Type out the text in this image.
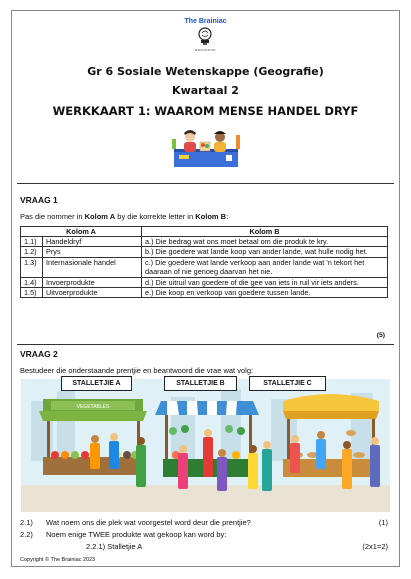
The Brainiac
EDUCATION
Gr 6 Sosiale Wetenskappe (Geografie)
Kwartaal 2
WERKKAART 1: WAAROM MENSE HANDEL DRYF
VRAAG 1
Pas die nommer in Kolom A by die korrekte letter in Kolom B:
Kolom A		Kolom B
1.1)	Handeldryf	a.) Die bedrag wat ons moet betaal om die produk te kry.
1.2)	Prys	b.) Die goedere wat lande koop van ander lande, wat hulle nodig het.
1.3)	Internasionale handel	c.) Die goedere wat lande verkoop aan ander lande wat 'n tekort het daaraan of nie genoeg daarvan het nie.
1.4)	Invoerprodukte	d.) Die uitruil van goedere of die gee van iets in ruil vir iets anders.
1.5)	Uitvoerprodukte	e.) Die koop en verkoop van goedere tussen lande.
(5)
VRAAG 2
Bestudeer die onderstaande prentjie en beantwoord die vrae wat volg:
VEGETABLES
STALLETJIE A	STALLETJIE B	STALLETJIE C
2.1) Wat noem ons die plek wat voorgestel word deur die prentjie?	(1)
2.2) Noem enige TWEE produkte wat gekoop kan word by:
2.2.1) Stalletjie A	(2x1=2)
Copyright © The Brainiac 2023
